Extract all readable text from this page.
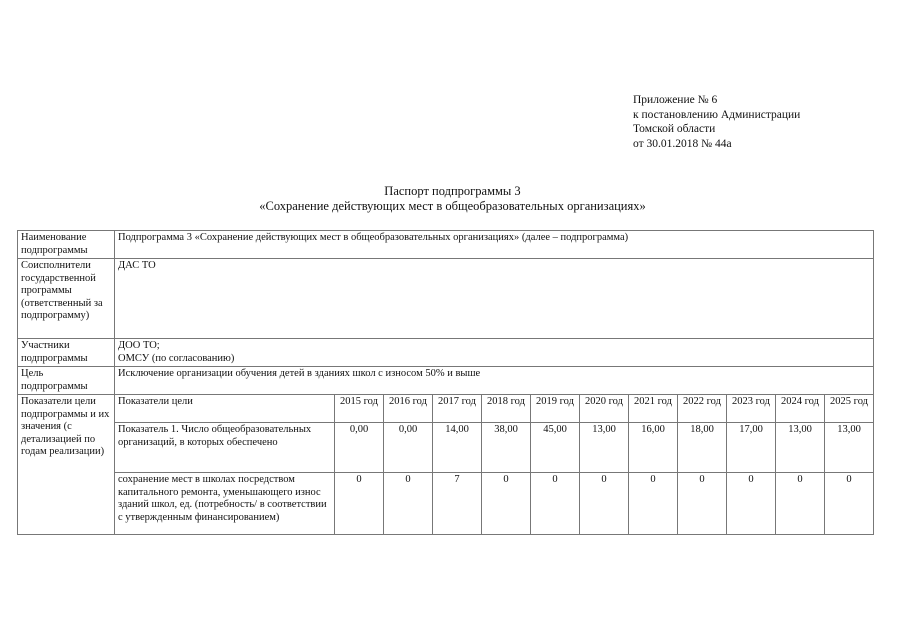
Приложение № 6
к постановлению Администрации
Томской области
от 30.01.2018 № 44а
Паспорт подпрограммы 3
«Сохранение действующих мест в общеобразовательных организациях»
Наименование подпрограммы	Подпрограмма 3 «Сохранение действующих мест в общеобразовательных организациях» (далее – подпрограмма)											
Соисполнители государственной программы (ответственный за подпрограмму)	ДАС ТО											
Участники подпрограммы	ДОО ТО;
ОМСУ (по согласованию)											

Цель подпрограммы	Исключение организации обучения детей в зданиях школ с износом 50% и выше											
Показатели цели подпрограммы и их значения (с детализацией по годам реализации)	Показатели цели	2015 год	2016 год	2017 год	2018 год	2019 год	2020 год	2021 год	2022 год	2023 год	2024 год	2025 год
	Показатель 1. Число общеобразовательных организаций, в которых обеспечено	0,00	0,00	14,00	38,00	45,00	13,00	16,00	18,00	17,00	13,00	13,00
	сохранение мест в школах посредством капитального ремонта, уменьшающего износ зданий школ, ед. (потребность/ в соответствии с утвержденным финансированием)	0	0	7	0	0	0	0	0	0	0	0
